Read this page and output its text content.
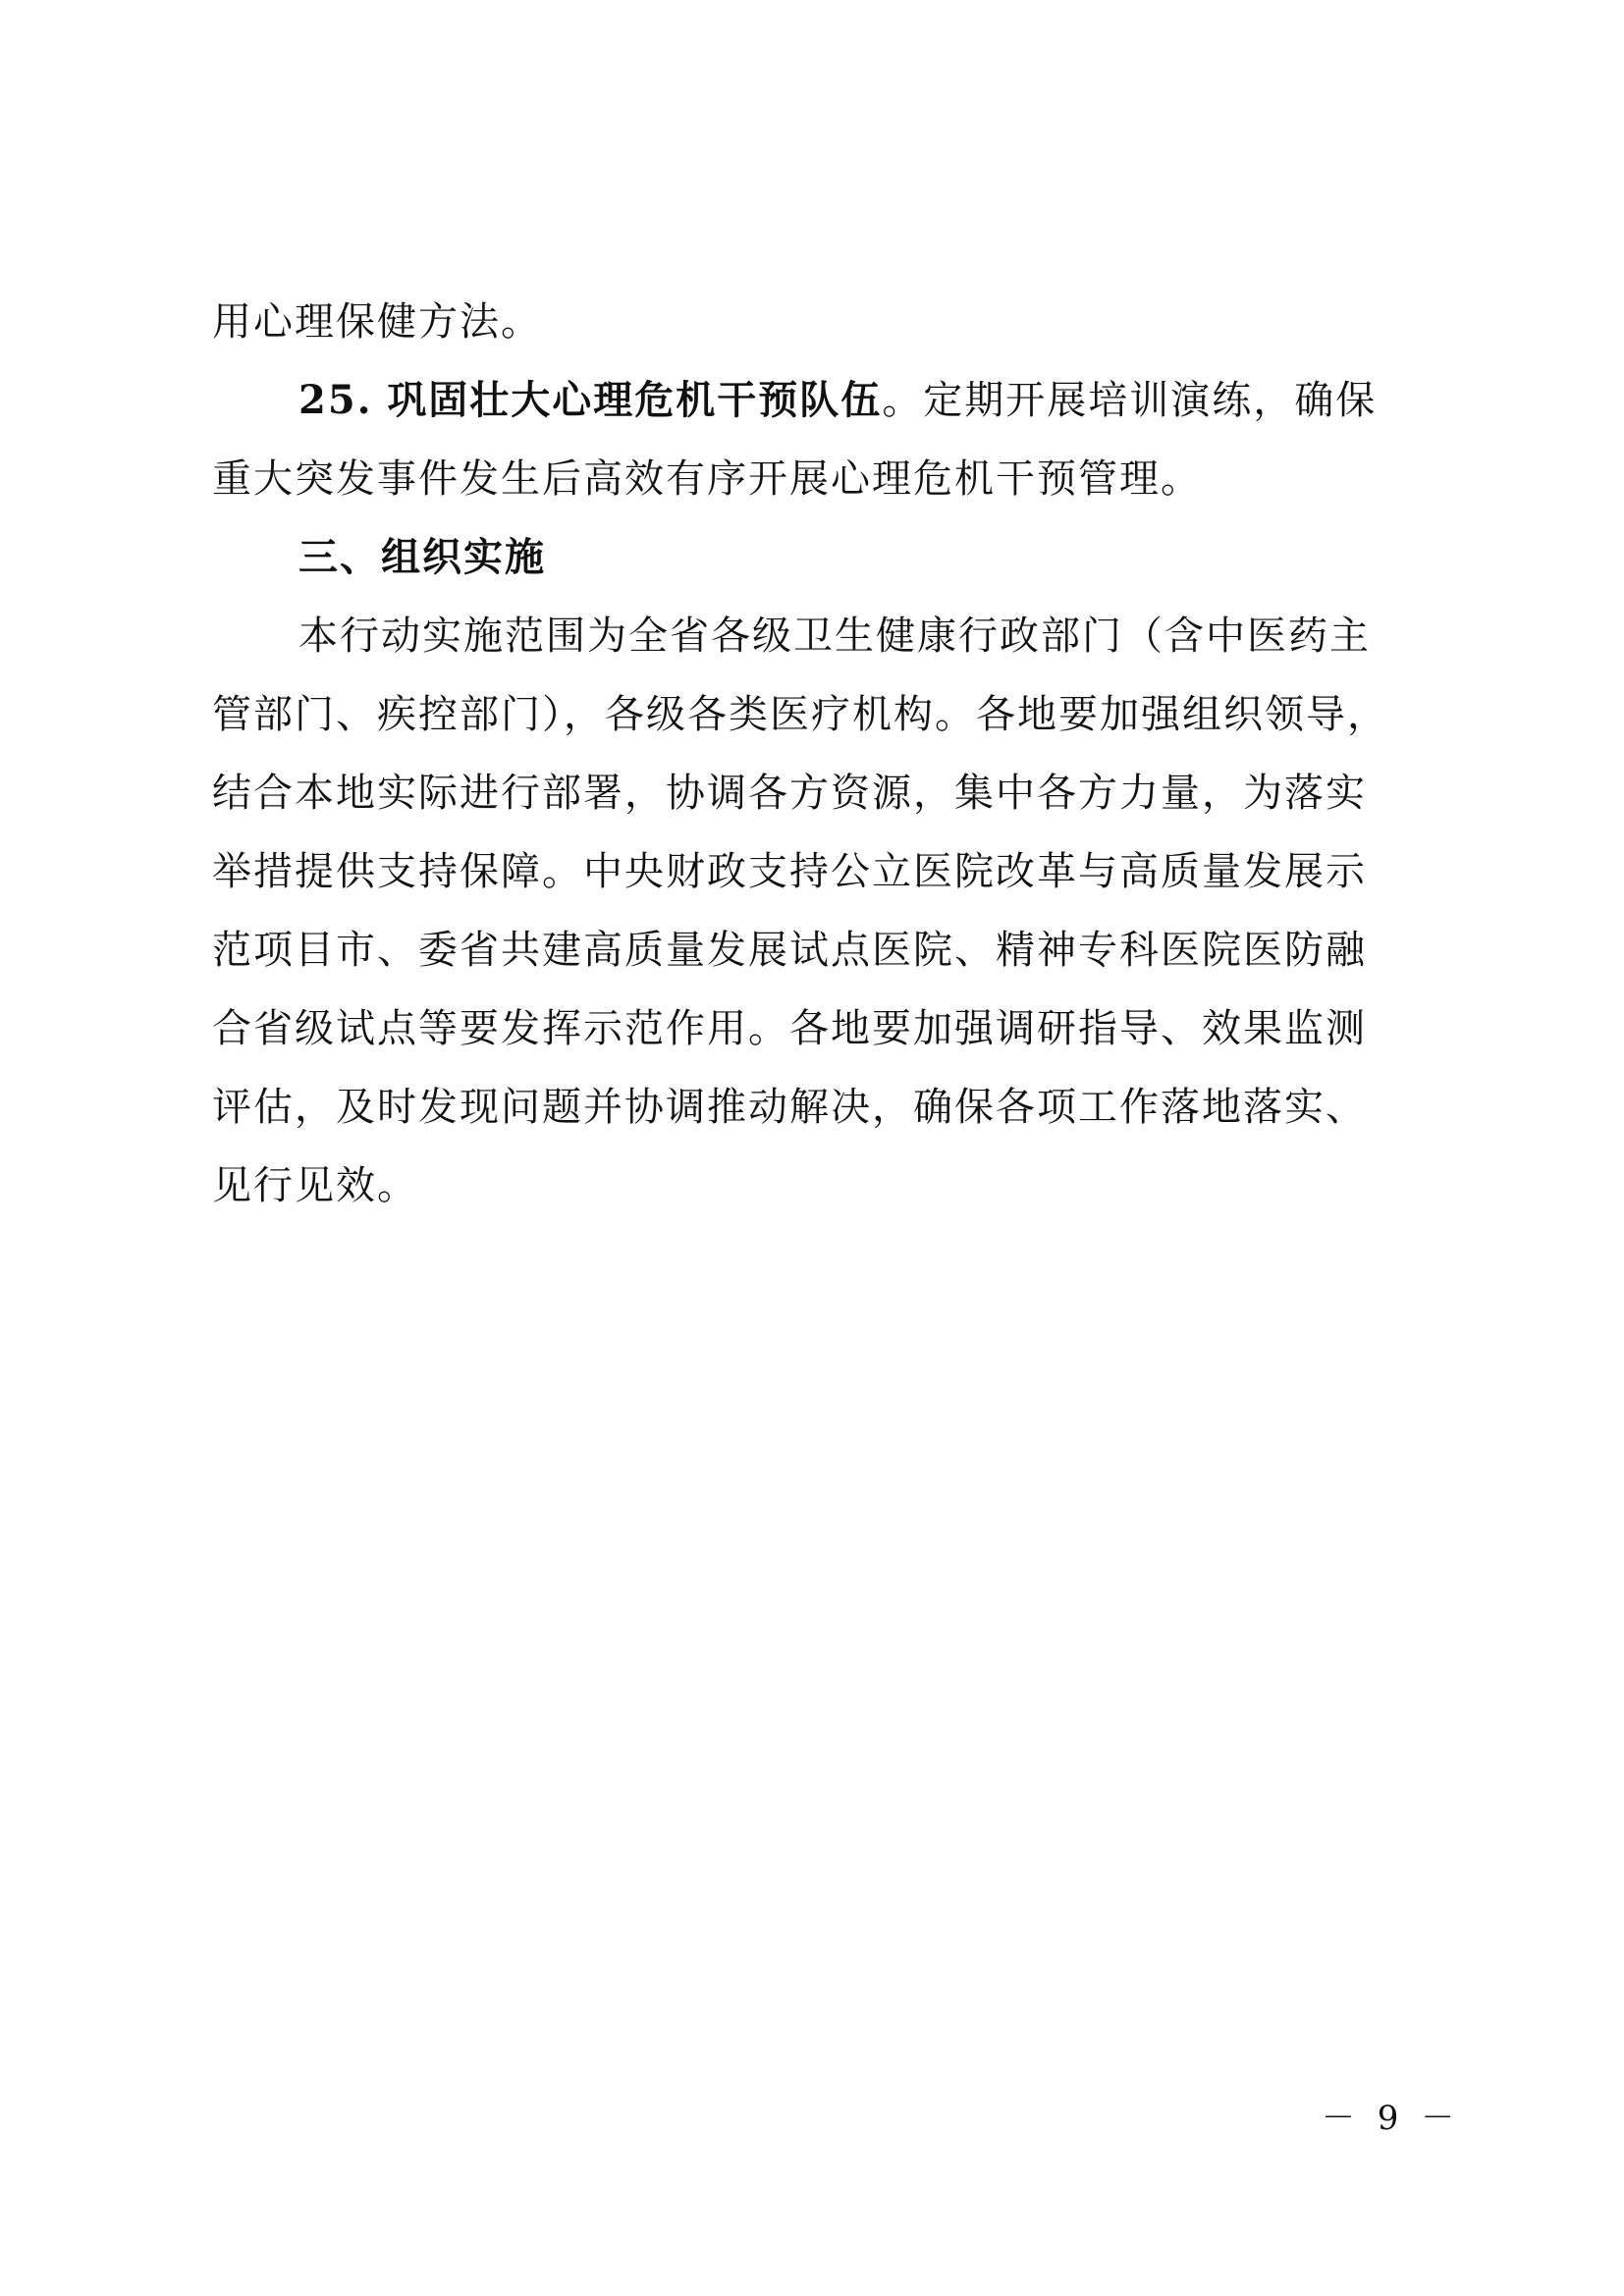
用心理保健方法。
25. 巩固壮大心理危机干预队伍。定期开展培训演练，确保
重大突发事件发生后高效有序开展心理危机干预管理。
三、组织实施
本行动实施范围为全省各级卫生健康行政部门（含中医药主
管部门、疾控部门），各级各类医疗机构。各地要加强组织领导，
结合本地实际进行部署，协调各方资源，集中各方力量，为落实
举措提供支持保障。中央财政支持公立医院改革与高质量发展示
范项目市、委省共建高质量发展试点医院、精神专科医院医防融
合省级试点等要发挥示范作用。各地要加强调研指导、效果监测
评估，及时发现问题并协调推动解决，确保各项工作落地落实、
见行见效。
－ 9 －
